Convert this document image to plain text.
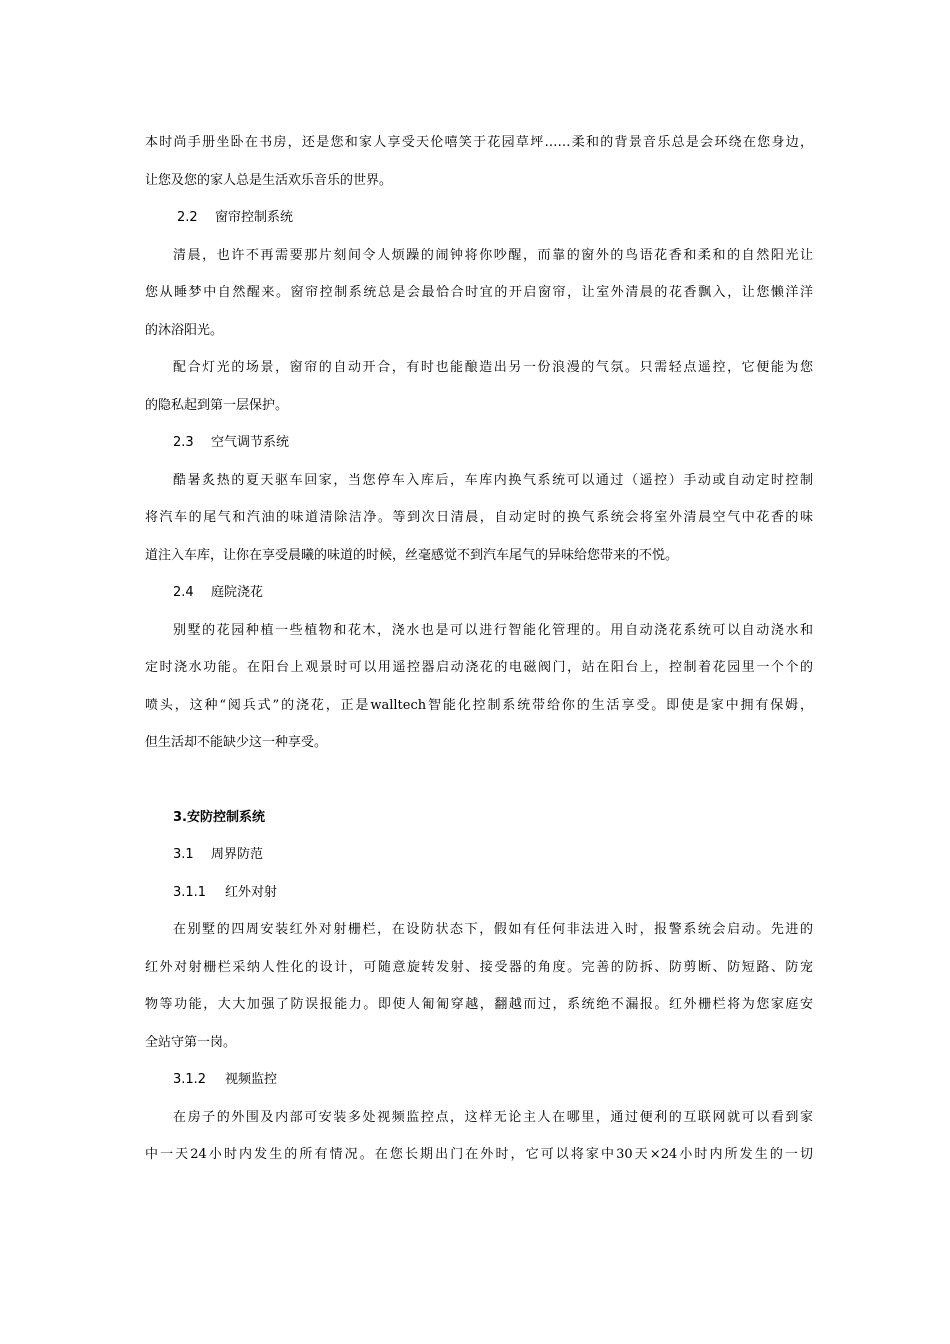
本时尚手册坐卧在书房，还是您和家人享受天伦嘻笑于花园草坪……柔和的背景音乐总是会环绕在您身边，
让您及您的家人总是生活欢乐音乐的世界。
2.2 窗帘控制系统
清晨，也许不再需要那片刻间令人烦躁的闹钟将你吵醒，而靠的窗外的鸟语花香和柔和的自然阳光让
您从睡梦中自然醒来。窗帘控制系统总是会最恰合时宜的开启窗帘，让室外清晨的花香飘入，让您懒洋洋
的沐浴阳光。
配合灯光的场景，窗帘的自动开合，有时也能酿造出另一份浪漫的气氛。只需轻点遥控，它便能为您
的隐私起到第一层保护。
2.3 空气调节系统
酷暑炙热的夏天驱车回家，当您停车入库后，车库内换气系统可以通过（遥控）手动或自动定时控制
将汽车的尾气和汽油的味道清除洁净。等到次日清晨，自动定时的换气系统会将室外清晨空气中花香的味
道注入车库，让你在享受晨曦的味道的时候，丝毫感觉不到汽车尾气的异味给您带来的不悦。
2.4 庭院浇花
别墅的花园种植一些植物和花木，浇水也是可以进行智能化管理的。用自动浇花系统可以自动浇水和
定时浇水功能。在阳台上观景时可以用遥控器启动浇花的电磁阀门，站在阳台上，控制着花园里一个个的
喷头，这种“阅兵式”的浇花，正是walltech智能化控制系统带给你的生活享受。即使是家中拥有保姆，
但生活却不能缺少这一种享受。
3.安防控制系统
3.1 周界防范
3.1.1 红外对射
在别墅的四周安装红外对射栅栏，在设防状态下，假如有任何非法进入时，报警系统会启动。先进的
红外对射栅栏采纳人性化的设计，可随意旋转发射、接受器的角度。完善的防拆、防剪断、防短路、防宠
物等功能，大大加强了防误报能力。即使人匍匍穿越，翻越而过，系统绝不漏报。红外栅栏将为您家庭安
全站守第一岗。
3.1.2 视频监控
在房子的外围及内部可安装多处视频监控点，这样无论主人在哪里，通过便利的互联网就可以看到家
中一天24小时内发生的所有情况。在您长期出门在外时，它可以将家中30天×24小时内所发生的一切
